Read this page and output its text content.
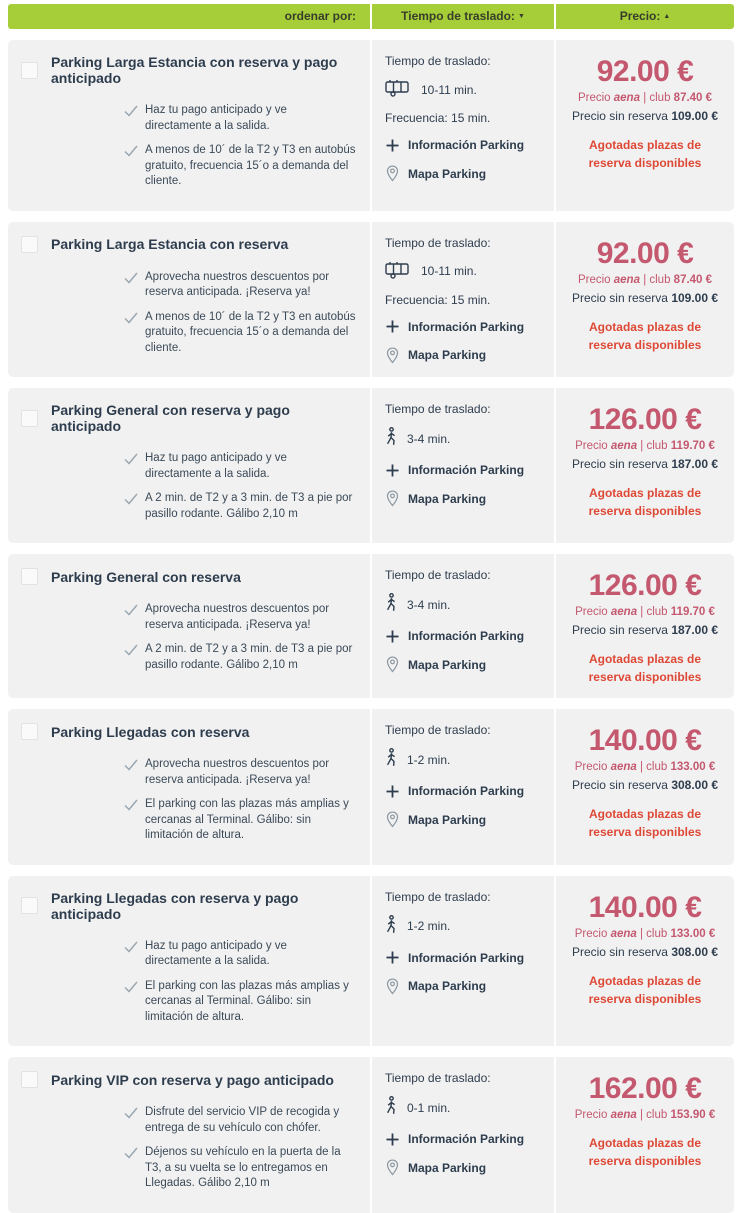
ordenar por:	Tiempo de traslado: ▼	Precio: ▲
Parking Larga Estancia con reserva y pago anticipado
Haz tu pago anticipado y ve directamente a la salida.
A menos de 10´ de la T2 y T3 en autobús gratuito, frecuencia 15´o a demanda del cliente.
Tiempo de traslado:
10-11 min.
Frecuencia: 15 min.
Información Parking
Mapa Parking
92.00 €
Precio aena | club 87.40 €
Precio sin reserva 109.00 €
Agotadas plazas de reserva disponibles
Parking Larga Estancia con reserva
Aprovecha nuestros descuentos por reserva anticipada. ¡Reserva ya!
A menos de 10´ de la T2 y T3 en autobús gratuito, frecuencia 15´o a demanda del cliente.
Tiempo de traslado:
10-11 min.
Frecuencia: 15 min.
Información Parking
Mapa Parking
92.00 €
Precio aena | club 87.40 €
Precio sin reserva 109.00 €
Agotadas plazas de reserva disponibles
Parking General con reserva y pago anticipado
Haz tu pago anticipado y ve directamente a la salida.
A 2 min. de T2 y a 3 min. de T3 a pie por pasillo rodante. Gálibo 2,10 m
Tiempo de traslado:
3-4 min.
Información Parking
Mapa Parking
126.00 €
Precio aena | club 119.70 €
Precio sin reserva 187.00 €
Agotadas plazas de reserva disponibles
Parking General con reserva
Aprovecha nuestros descuentos por reserva anticipada. ¡Reserva ya!
A 2 min. de T2 y a 3 min. de T3 a pie por pasillo rodante. Gálibo 2,10 m
Tiempo de traslado:
3-4 min.
Información Parking
Mapa Parking
126.00 €
Precio aena | club 119.70 €
Precio sin reserva 187.00 €
Agotadas plazas de reserva disponibles
Parking Llegadas con reserva
Aprovecha nuestros descuentos por reserva anticipada. ¡Reserva ya!
El parking con las plazas más amplias y cercanas al Terminal. Gálibo: sin limitación de altura.
Tiempo de traslado:
1-2 min.
Información Parking
Mapa Parking
140.00 €
Precio aena | club 133.00 €
Precio sin reserva 308.00 €
Agotadas plazas de reserva disponibles
Parking Llegadas con reserva y pago anticipado
Haz tu pago anticipado y ve directamente a la salida.
El parking con las plazas más amplias y cercanas al Terminal. Gálibo: sin limitación de altura.
Tiempo de traslado:
1-2 min.
Información Parking
Mapa Parking
140.00 €
Precio aena | club 133.00 €
Precio sin reserva 308.00 €
Agotadas plazas de reserva disponibles
Parking VIP con reserva y pago anticipado
Disfrute del servicio VIP de recogida y entrega de su vehículo con chófer.
Déjenos su vehículo en la puerta de la T3, a su vuelta se lo entregamos en Llegadas. Gálibo 2,10 m
Tiempo de traslado:
0-1 min.
Información Parking
Mapa Parking
162.00 €
Precio aena | club 153.90 €
Agotadas plazas de reserva disponibles
